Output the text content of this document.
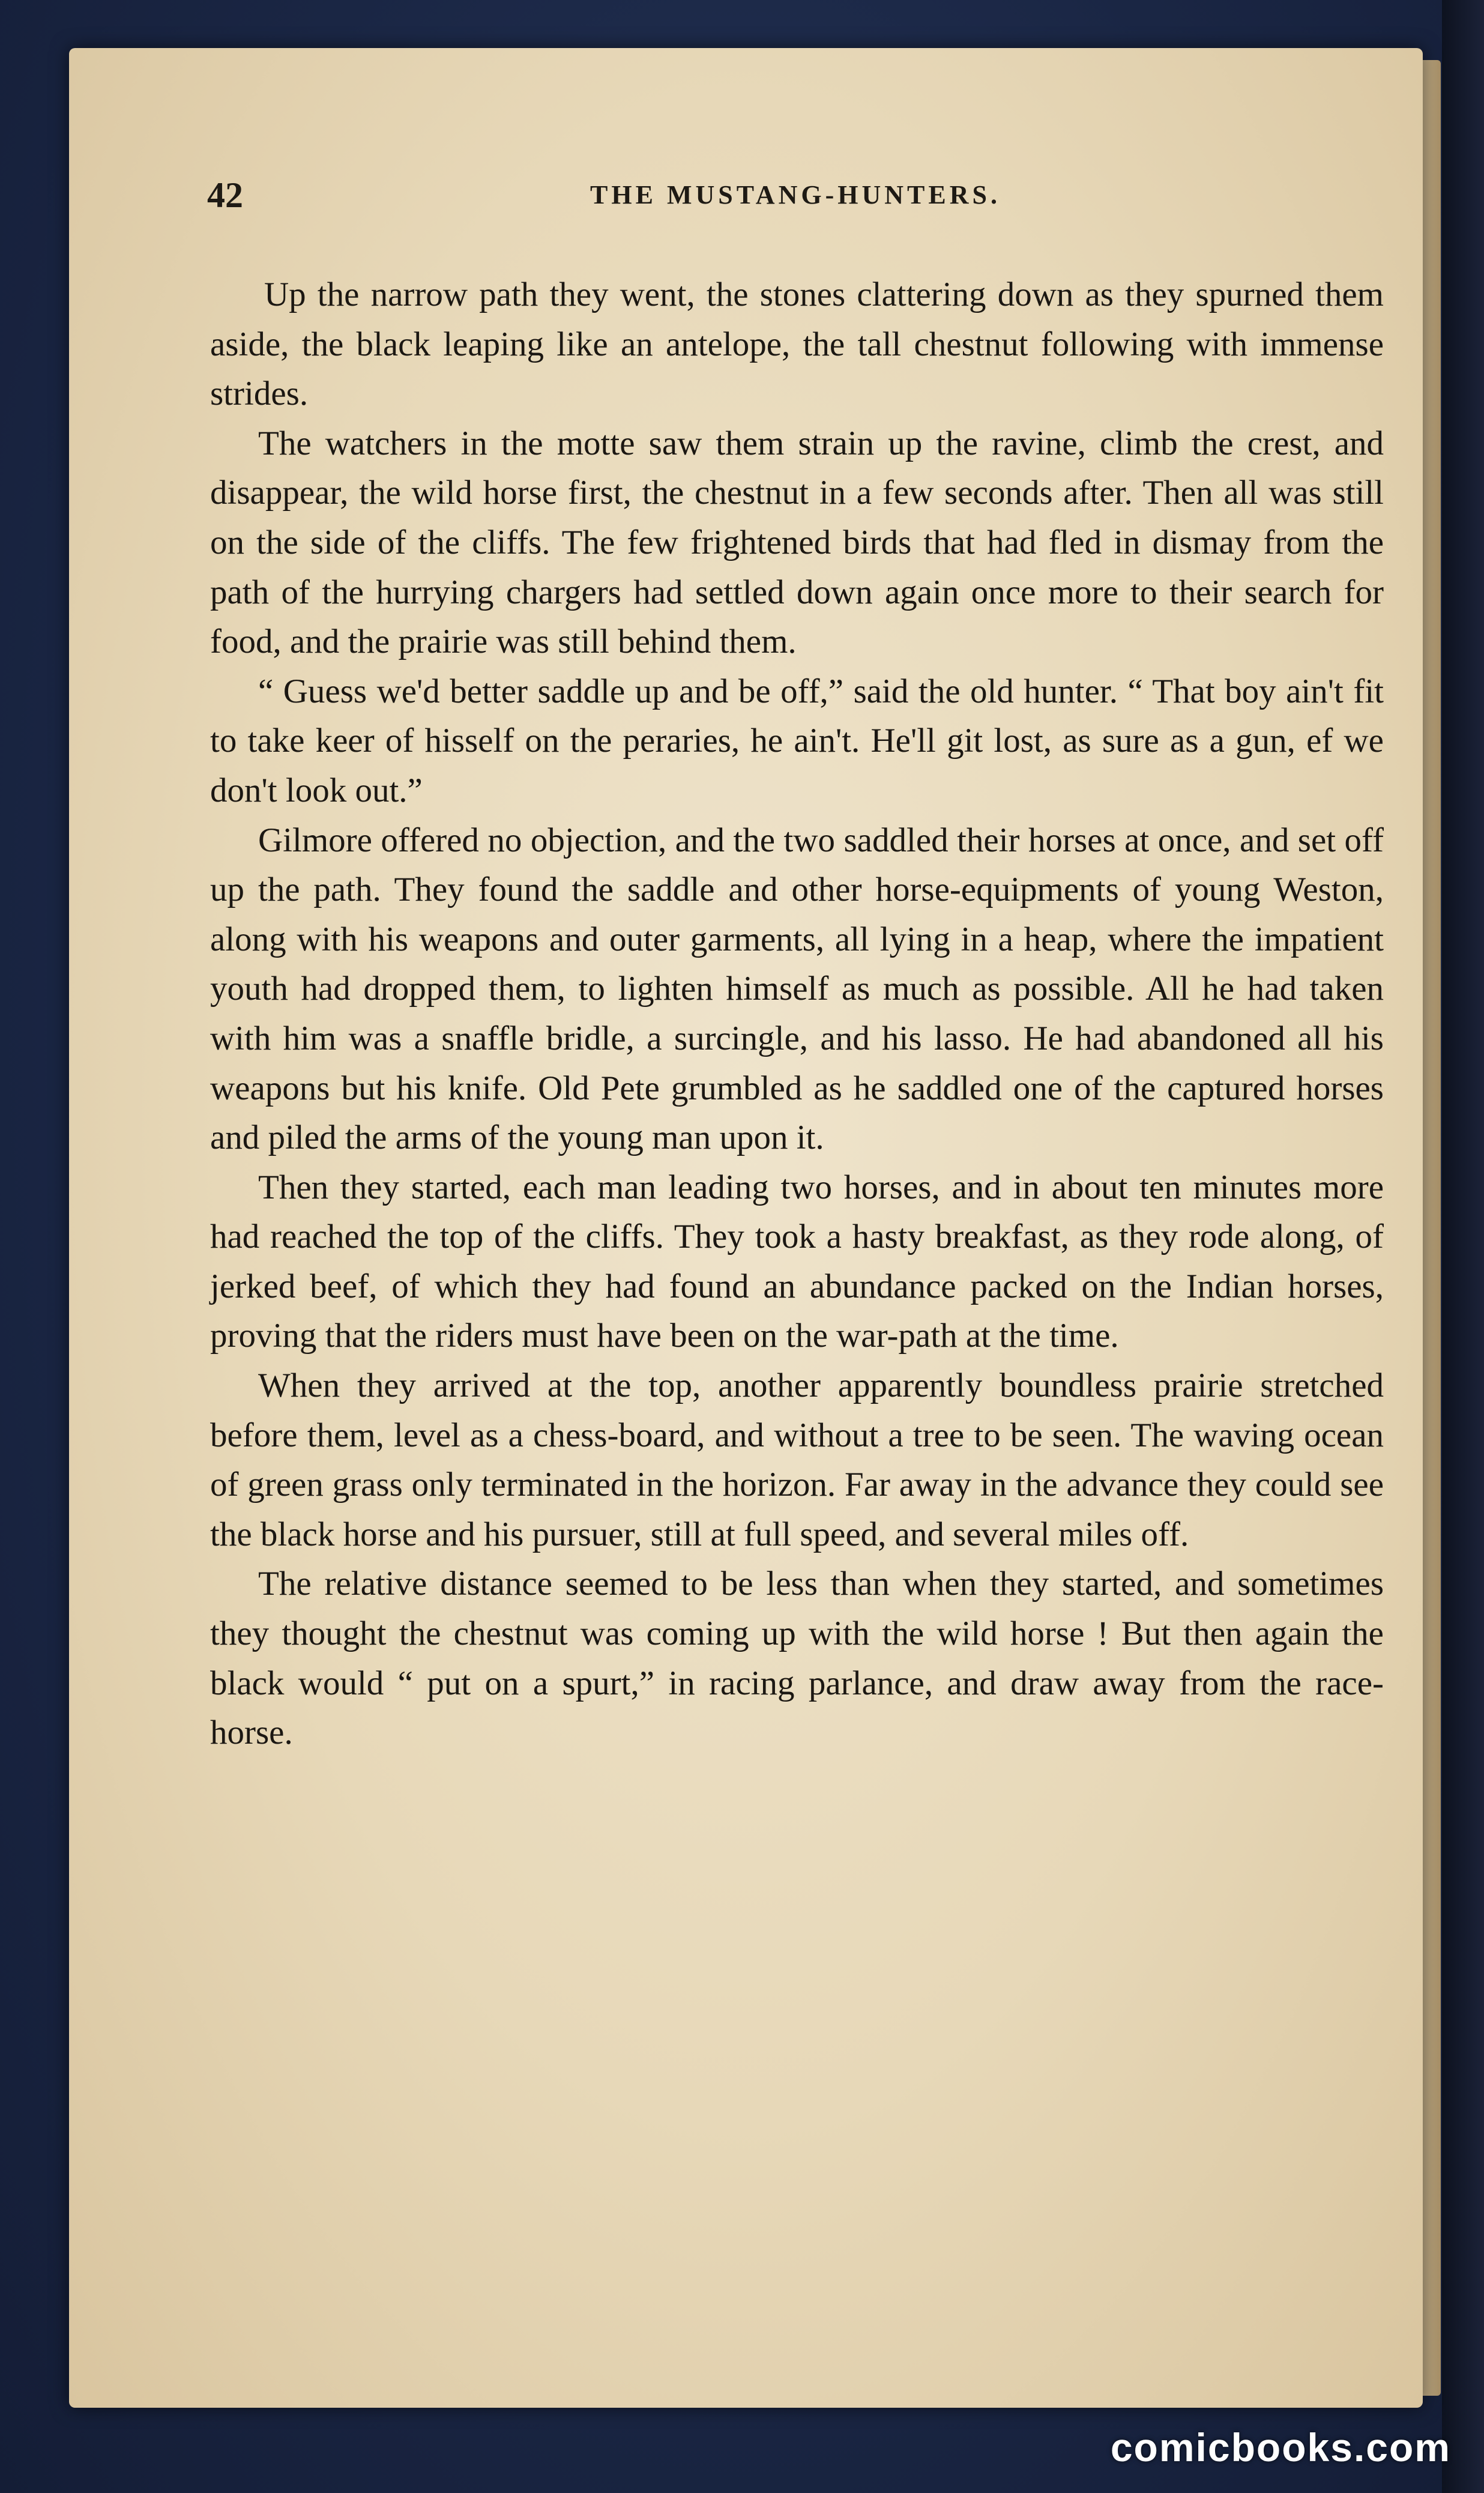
42	THE MUSTANG-HUNTERS.

Up the narrow path they went, the stones clattering down as they spurned them aside, the black leaping like an antelope, the tall chestnut following with immense strides.

The watchers in the motte saw them strain up the ravine, climb the crest, and disappear, the wild horse first, the chestnut in a few seconds after. Then all was still on the side of the cliffs. The few frightened birds that had fled in dismay from the path of the hurrying chargers had settled down again once more to their search for food, and the prairie was still behind them.

“ Guess we'd better saddle up and be off,” said the old hunter. “ That boy ain't fit to take keer of hisself on the peraries, he ain't. He'll git lost, as sure as a gun, ef we don't look out.”

Gilmore offered no objection, and the two saddled their horses at once, and set off up the path. They found the saddle and other horse-equipments of young Weston, along with his weapons and outer garments, all lying in a heap, where the impatient youth had dropped them, to lighten himself as much as possible. All he had taken with him was a snaffle bridle, a surcingle, and his lasso. He had abandoned all his weapons but his knife. Old Pete grumbled as he saddled one of the captured horses and piled the arms of the young man upon it.

Then they started, each man leading two horses, and in about ten minutes more had reached the top of the cliffs. They took a hasty breakfast, as they rode along, of jerked beef, of which they had found an abundance packed on the Indian horses, proving that the riders must have been on the war-path at the time.

When they arrived at the top, another apparently boundless prairie stretched before them, level as a chess-board, and without a tree to be seen. The waving ocean of green grass only terminated in the horizon. Far away in the advance they could see the black horse and his pursuer, still at full speed, and several miles off.

The relative distance seemed to be less than when they started, and sometimes they thought the chestnut was coming up with the wild horse ! But then again the black would “ put on a spurt,” in racing parlance, and draw away from the race-horse.

comicbooks.com
